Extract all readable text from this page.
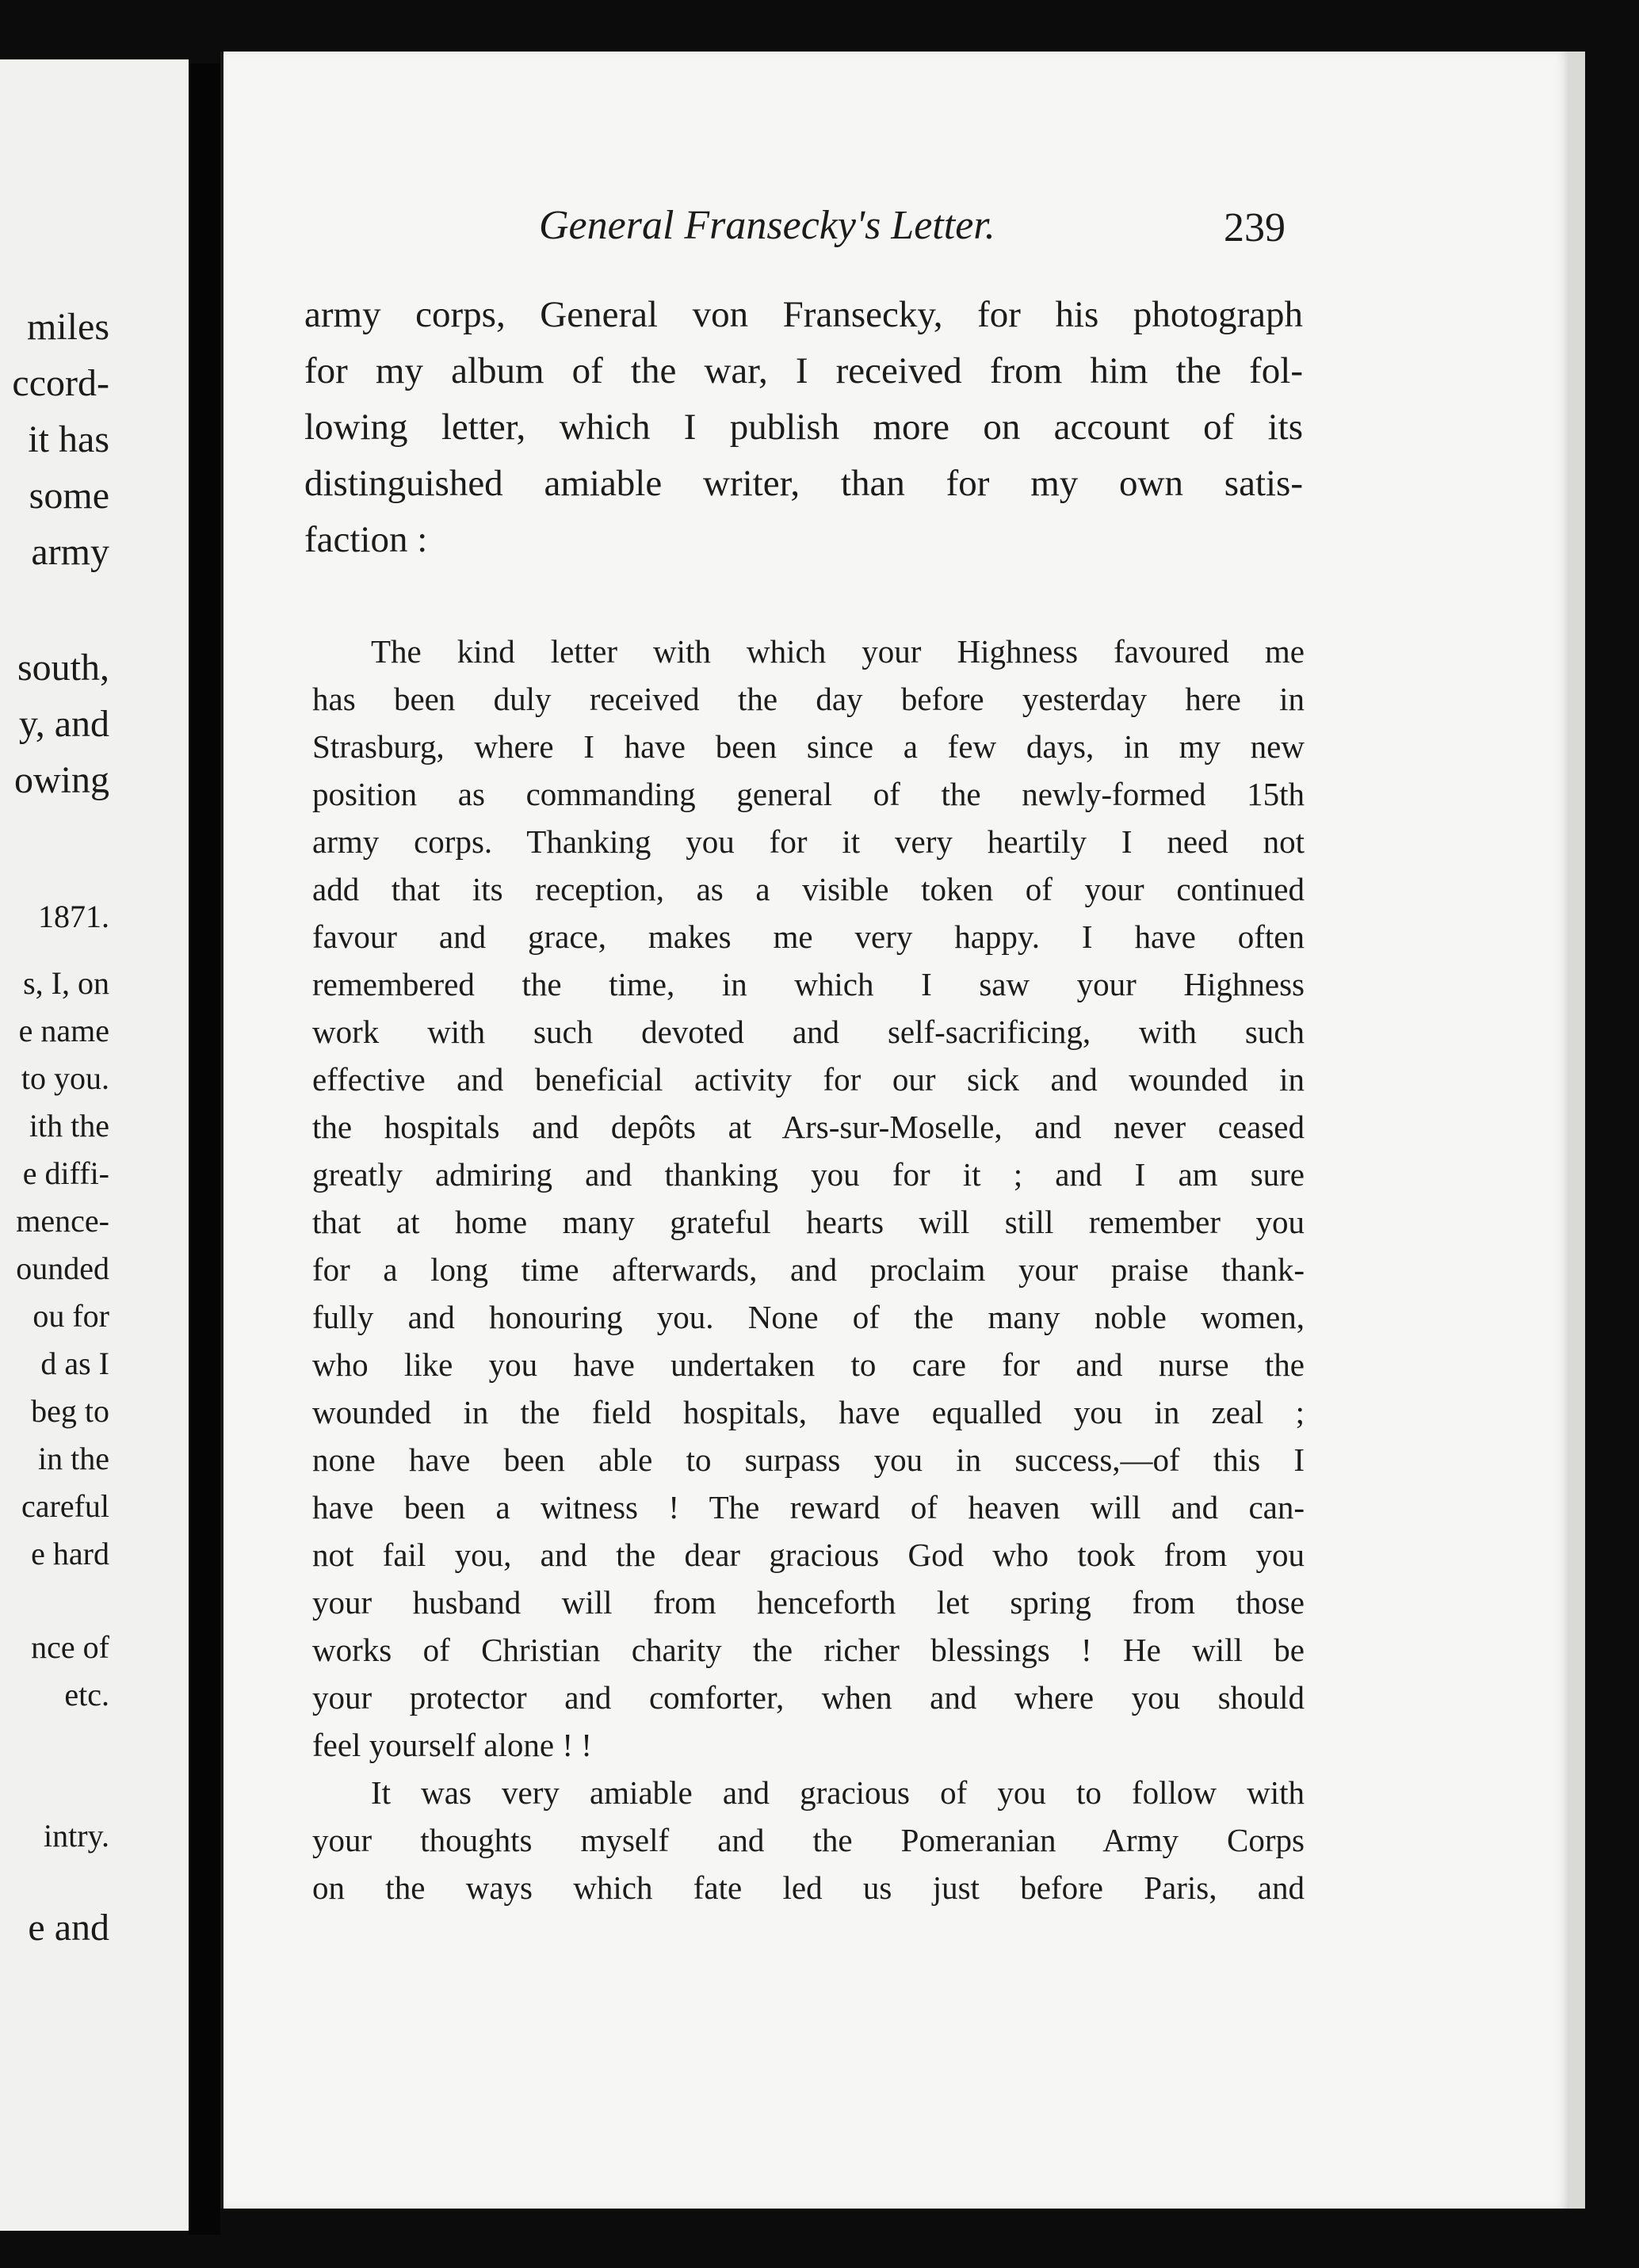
miles
ccord-
it has
some
army
south,
y, and
owing
1871.
s, I, on
e name
to you.
ith the
e diffi-
mence-
ounded
ou for
d as I
beg to
in the
careful
e hard
nce of
etc.
intry.
e and
General Fransecky's Letter.	239
army corps, General von Fransecky, for his photograph
for my album of the war, I received from him the fol-
lowing letter, which I publish more on account of its
distinguished amiable writer, than for my own satis-
faction :
The kind letter with which your Highness favoured me
has been duly received the day before yesterday here in
Strasburg, where I have been since a few days, in my new
position as commanding general of the newly-formed 15th
army corps. Thanking you for it very heartily I need not
add that its reception, as a visible token of your continued
favour and grace, makes me very happy. I have often
remembered the time, in which I saw your Highness
work with such devoted and self-sacrificing, with such
effective and beneficial activity for our sick and wounded in
the hospitals and depôts at Ars-sur-Moselle, and never ceased
greatly admiring and thanking you for it ; and I am sure
that at home many grateful hearts will still remember you
for a long time afterwards, and proclaim your praise thank-
fully and honouring you. None of the many noble women,
who like you have undertaken to care for and nurse the
wounded in the field hospitals, have equalled you in zeal ;
none have been able to surpass you in success,—of this I
have been a witness ! The reward of heaven will and can-
not fail you, and the dear gracious God who took from you
your husband will from henceforth let spring from those
works of Christian charity the richer blessings ! He will be
your protector and comforter, when and where you should
feel yourself alone ! !
It was very amiable and gracious of you to follow with
your thoughts myself and the Pomeranian Army Corps
on the ways which fate led us just before Paris, and
